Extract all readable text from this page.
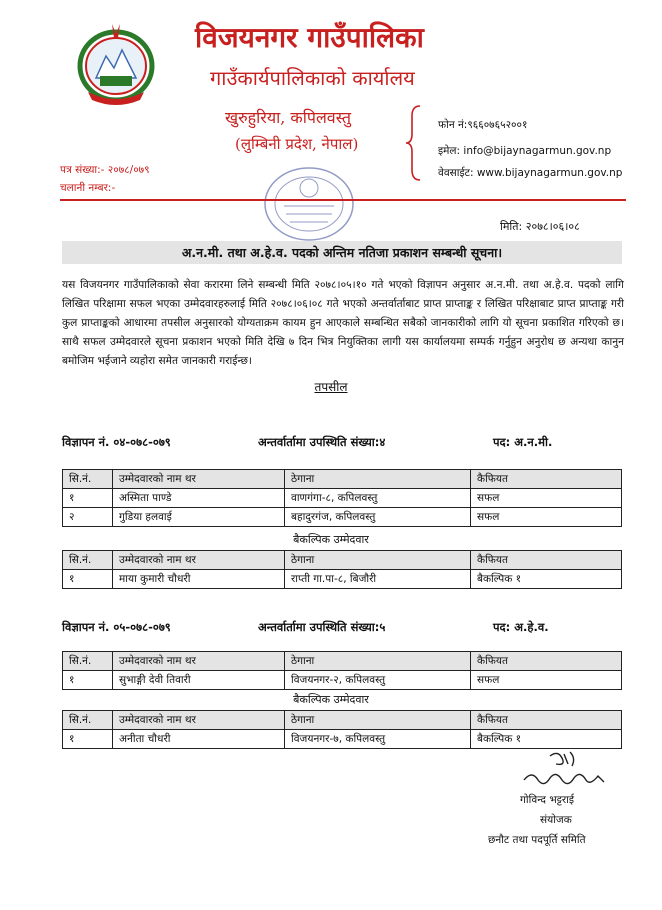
विजयनगर गाउँपालिका
गाउँकार्यपालिकाको कार्यालय
खुरुहुरिया, कपिलवस्तु
(लुम्बिनी प्रदेश, नेपाल)
फोन नं:९६६०७६५२००१
इमेल: info@bijaynagarmun.gov.np
वेवसाईट: www.bijaynagarmun.gov.np
पत्र संख्या:- २०७८/०७९
चलानी नम्बर:-
मिति: २०७८।०६।०८
अ.न.मी. तथा अ.हे.व. पदको अन्तिम नतिजा प्रकाशन सम्बन्धी सूचना।
यस विजयनगर गाउँपालिकाको सेवा करारमा लिने सम्बन्धी मिति २०७८।०५।१० गते भएको विज्ञापन अनुसार अ.न.मी. तथा अ.हे.व. पदको लागि लिखित परिक्षामा सफल भएका उम्मेदवारहरुलाई मिति २०७८।०६।०८ गते भएको अन्तर्वार्ताबाट प्राप्त प्राप्ताङ्क र लिखित परिक्षाबाट प्राप्त प्राप्ताङ्क गरी कुल प्राप्ताङ्कको आधारमा तपसील अनुसारको योग्यताक्रम कायम हुन आएकाले सम्बन्धित सबैको जानकारीको लागि यो सूचना प्रकाशित गरिएको छ। साथै सफल उम्मेदवारले सूचना प्रकाशन भएको मिति देखि ७ दिन भित्र नियुक्तिका लागी यस कार्यालयमा सम्पर्क गर्नुहुन अनुरोध छ अन्यथा कानुन बमोजिम भईजाने व्यहोरा समेत जानकारी गराईन्छ।
तपसील
विज्ञापन नं. ०४-०७८-०७९	अन्तर्वार्तामा उपस्थिति संख्या:४	पद: अ.न.मी.
सि.नं.	उम्मेदवारको नाम थर	ठेगाना	कैफियत
१	अस्मिता पाण्डे	वाणगंगा-८, कपिलवस्तु	सफल
२	गुडिया हलवाई	बहादुरगंज, कपिलवस्तु	सफल
बैकल्पिक उम्मेदवार
सि.नं.	उम्मेदवारको नाम थर	ठेगाना	कैफियत
१	माया कुमारी चौधरी	राप्ती गा.पा-८, बिजौरी	बैकल्पिक १
विज्ञापन नं. ०५-०७८-०७९	अन्तर्वार्तामा उपस्थिति संख्या:५	पद: अ.हे.व.
सि.नं.	उम्मेदवारको नाम थर	ठेगाना	कैफियत
१	सुभाङ्गी देवी तिवारी	विजयनगर-२, कपिलवस्तु	सफल
बैकल्पिक उम्मेदवार
सि.नं.	उम्मेदवारको नाम थर	ठेगाना	कैफियत
१	अनीता चौधरी	विजयनगर-७, कपिलवस्तु	बैकल्पिक १
गोविन्द भट्टराई
संयोजक
छनौट तथा पदपूर्ति समिति
